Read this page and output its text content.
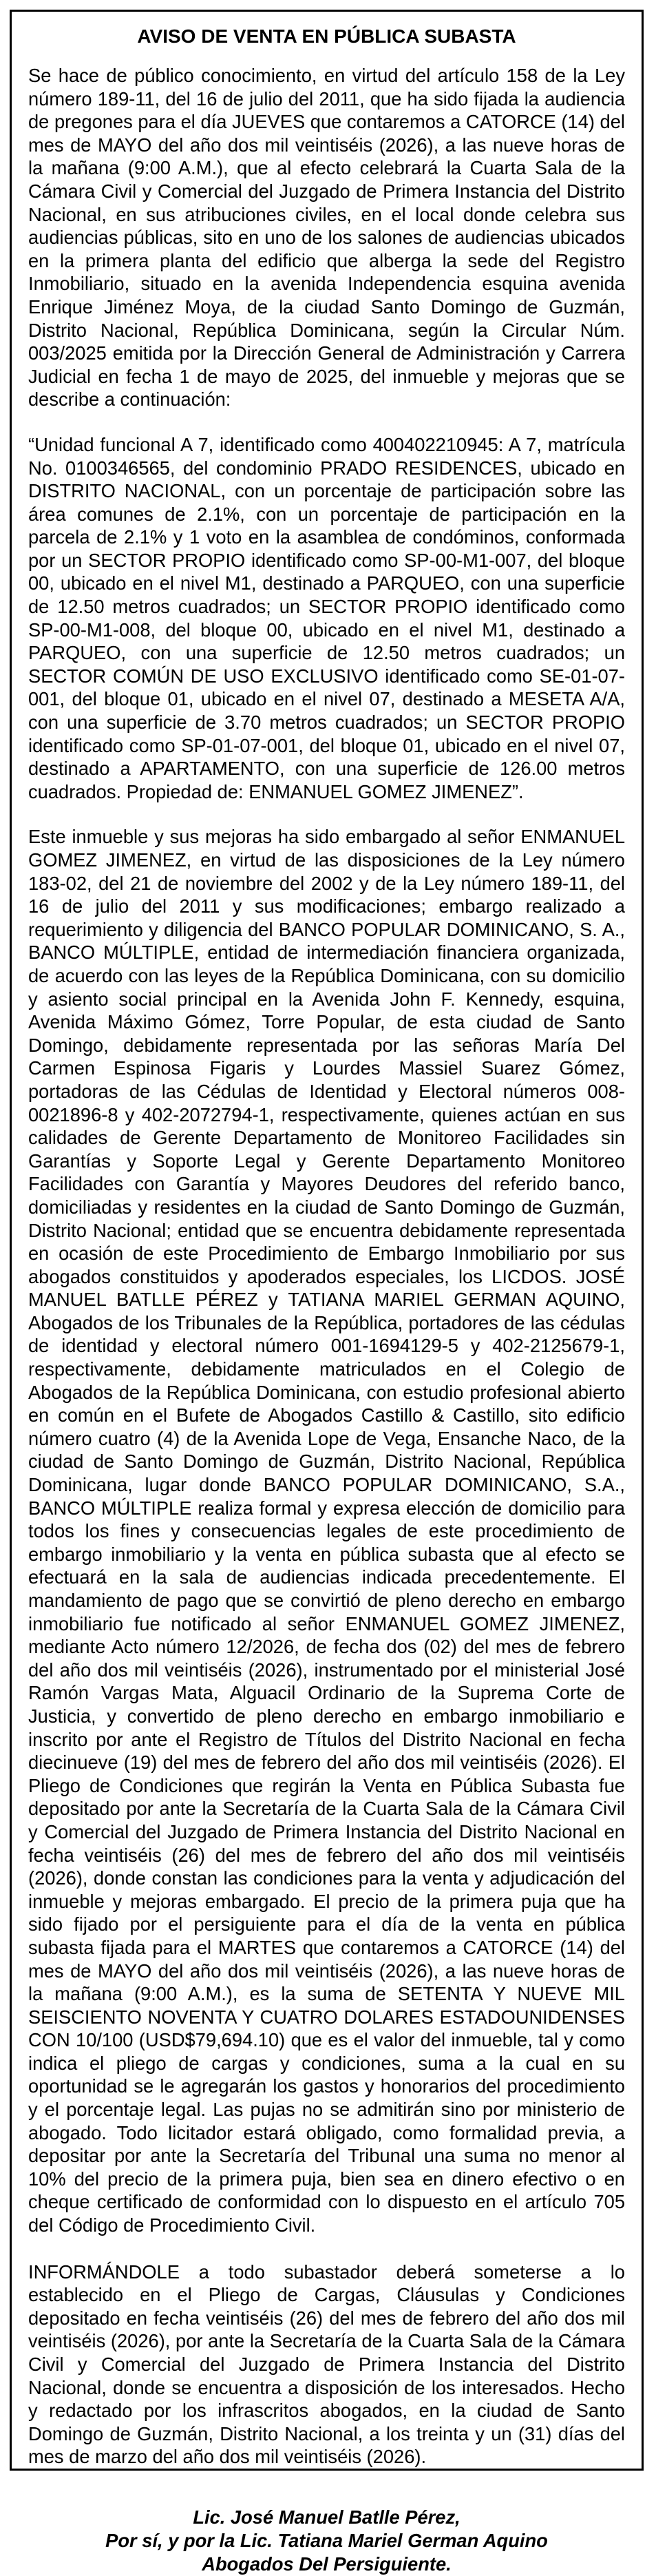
AVISO DE VENTA EN PÚBLICA SUBASTA

Se hace de público conocimiento, en virtud del artículo 158 de la Ley número 189-11, del 16 de julio del 2011, que ha sido fijada la audiencia de pregones para el día JUEVES que contaremos a CATORCE (14) del mes de MAYO del año dos mil veintiséis (2026), a las nueve horas de la mañana (9:00 A.M.), que al efecto celebrará la Cuarta Sala de la Cámara Civil y Comercial del Juzgado de Primera Instancia del Distrito Nacional, en sus atribuciones civiles, en el local donde celebra sus audiencias públicas, sito en uno de los salones de audiencias ubicados en la primera planta del edificio que alberga la sede del Registro Inmobiliario, situado en la avenida Independencia esquina avenida Enrique Jiménez Moya, de la ciudad Santo Domingo de Guzmán, Distrito Nacional, República Dominicana, según la Circular Núm. 003/2025 emitida por la Dirección General de Administración y Carrera Judicial en fecha 1 de mayo de 2025, del inmueble y mejoras que se describe a continuación:

“Unidad funcional A 7, identificado como 400402210945: A 7, matrícula No. 0100346565, del condominio PRADO RESIDENCES, ubicado en DISTRITO NACIONAL, con un porcentaje de participación sobre las área comunes de 2.1%, con un porcentaje de participación en la parcela de 2.1% y 1 voto en la asamblea de condóminos, conformada por un SECTOR PROPIO identificado como SP-00-M1-007, del bloque 00, ubicado en el nivel M1, destinado a PARQUEO, con una superficie de 12.50 metros cuadrados; un SECTOR PROPIO identificado como SP-00-M1-008, del bloque 00, ubicado en el nivel M1, destinado a PARQUEO, con una superficie de 12.50 metros cuadrados; un SECTOR COMÚN DE USO EXCLUSIVO identificado como SE-01-07-001, del bloque 01, ubicado en el nivel 07, destinado a MESETA A/A, con una superficie de 3.70 metros cuadrados; un SECTOR PROPIO identificado como SP-01-07-001, del bloque 01, ubicado en el nivel 07, destinado a APARTAMENTO, con una superficie de 126.00 metros cuadrados. Propiedad de: ENMANUEL GOMEZ JIMENEZ”.

Este inmueble y sus mejoras ha sido embargado al señor ENMANUEL GOMEZ JIMENEZ, en virtud de las disposiciones de la Ley número 183-02, del 21 de noviembre del 2002 y de la Ley número 189-11, del 16 de julio del 2011 y sus modificaciones; embargo realizado a requerimiento y diligencia del BANCO POPULAR DOMINICANO, S. A., BANCO MÚLTIPLE, entidad de intermediación financiera organizada, de acuerdo con las leyes de la República Dominicana, con su domicilio y asiento social principal en la Avenida John F. Kennedy, esquina, Avenida Máximo Gómez, Torre Popular, de esta ciudad de Santo Domingo, debidamente representada por las señoras María Del Carmen Espinosa Figaris y Lourdes Massiel Suarez Gómez, portadoras de las Cédulas de Identidad y Electoral números 008-0021896-8 y 402-2072794-1, respectivamente, quienes actúan en sus calidades de Gerente Departamento de Monitoreo Facilidades sin Garantías y Soporte Legal y Gerente Departamento Monitoreo Facilidades con Garantía y Mayores Deudores del referido banco, domiciliadas y residentes en la ciudad de Santo Domingo de Guzmán, Distrito Nacional; entidad que se encuentra debidamente representada en ocasión de este Procedimiento de Embargo Inmobiliario por sus abogados constituidos y apoderados especiales, los LICDOS. JOSÉ MANUEL BATLLE PÉREZ y TATIANA MARIEL GERMAN AQUINO, Abogados de los Tribunales de la República, portadores de las cédulas de identidad y electoral número 001-1694129-5 y 402-2125679-1, respectivamente, debidamente matriculados en el Colegio de Abogados de la República Dominicana, con estudio profesional abierto en común en el Bufete de Abogados Castillo & Castillo, sito edificio número cuatro (4) de la Avenida Lope de Vega, Ensanche Naco, de la ciudad de Santo Domingo de Guzmán, Distrito Nacional, República Dominicana, lugar donde BANCO POPULAR DOMINICANO, S.A., BANCO MÚLTIPLE realiza formal y expresa elección de domicilio para todos los fines y consecuencias legales de este procedimiento de embargo inmobiliario y la venta en pública subasta que al efecto se efectuará en la sala de audiencias indicada precedentemente. El mandamiento de pago que se convirtió de pleno derecho en embargo inmobiliario fue notificado al señor ENMANUEL GOMEZ JIMENEZ, mediante Acto número 12/2026, de fecha dos (02) del mes de febrero del año dos mil veintiséis (2026), instrumentado por el ministerial José Ramón Vargas Mata, Alguacil Ordinario de la Suprema Corte de Justicia, y convertido de pleno derecho en embargo inmobiliario e inscrito por ante el Registro de Títulos del Distrito Nacional en fecha diecinueve (19) del mes de febrero del año dos mil veintiséis (2026). El Pliego de Condiciones que regirán la Venta en Pública Subasta fue depositado por ante la Secretaría de la Cuarta Sala de la Cámara Civil y Comercial del Juzgado de Primera Instancia del Distrito Nacional en fecha veintiséis (26) del mes de febrero del año dos mil veintiséis (2026), donde constan las condiciones para la venta y adjudicación del inmueble y mejoras embargado. El precio de la primera puja que ha sido fijado por el persiguiente para el día de la venta en pública subasta fijada para el MARTES que contaremos a CATORCE (14) del mes de MAYO del año dos mil veintiséis (2026), a las nueve horas de la mañana (9:00 A.M.), es la suma de SETENTA Y NUEVE MIL SEISCIENTO NOVENTA Y CUATRO DOLARES ESTADOUNIDENSES CON 10/100 (USD$79,694.10) que es el valor del inmueble, tal y como indica el pliego de cargas y condiciones, suma a la cual en su oportunidad se le agregarán los gastos y honorarios del procedimiento y el porcentaje legal. Las pujas no se admitirán sino por ministerio de abogado. Todo licitador estará obligado, como formalidad previa, a depositar por ante la Secretaría del Tribunal una suma no menor al 10% del precio de la primera puja, bien sea en dinero efectivo o en cheque certificado de conformidad con lo dispuesto en el artículo 705 del Código de Procedimiento Civil.

INFORMÁNDOLE a todo subastador deberá someterse a lo establecido en el Pliego de Cargas, Cláusulas y Condiciones depositado en fecha veintiséis (26) del mes de febrero del año dos mil veintiséis (2026), por ante la Secretaría de la Cuarta Sala de la Cámara Civil y Comercial del Juzgado de Primera Instancia del Distrito Nacional, donde se encuentra a disposición de los interesados. Hecho y redactado por los infrascritos abogados, en la ciudad de Santo Domingo de Guzmán, Distrito Nacional, a los treinta y un (31) días del mes de marzo del año dos mil veintiséis (2026).

Lic. José Manuel Batlle Pérez,
Por sí, y por la Lic. Tatiana Mariel German Aquino
Abogados Del Persiguiente.
